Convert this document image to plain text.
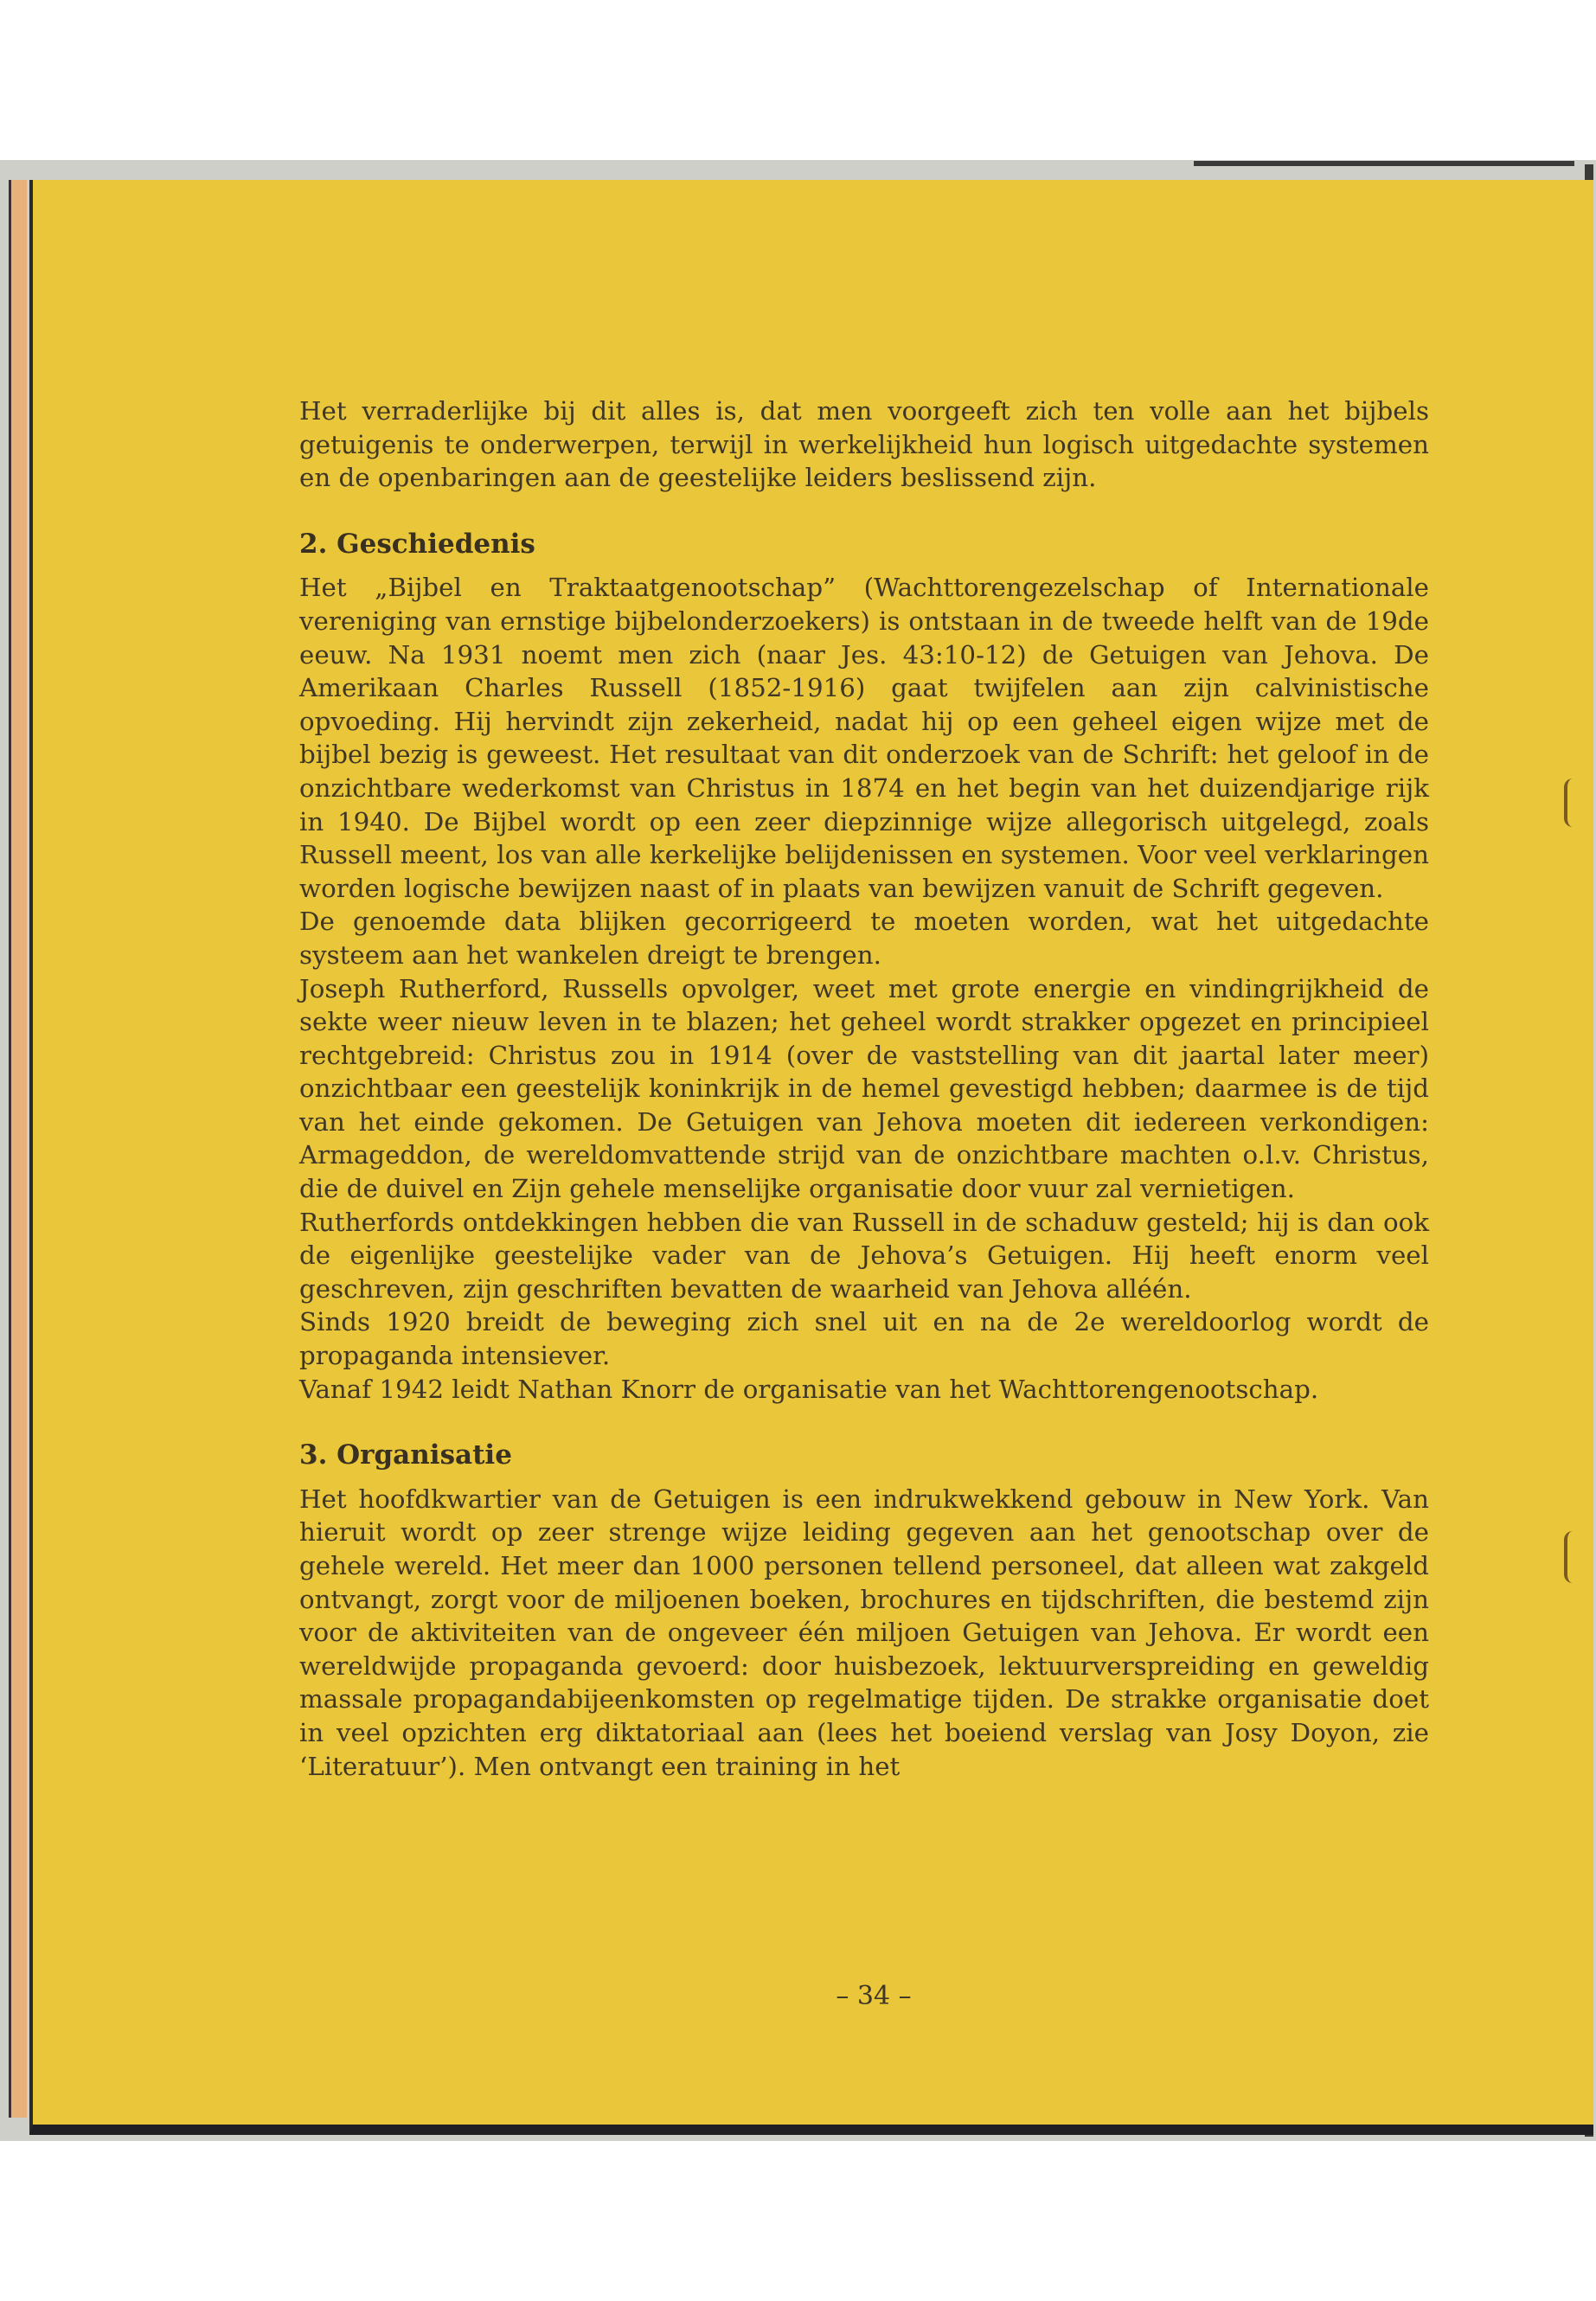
Het verraderlijke bij dit alles is, dat men voorgeeft zich ten volle aan het bijbels getuigenis te onderwerpen, terwijl in werkelijkheid hun logisch uitgedachte systemen en de openbaringen aan de geestelijke leiders beslissend zijn.

2. Geschiedenis

Het „Bijbel en Traktaatgenootschap” (Wachttorengezelschap of Internationale vereniging van ernstige bijbelonderzoekers) is ontstaan in de tweede helft van de 19de eeuw. Na 1931 noemt men zich (naar Jes. 43:10-12) de Getuigen van Jehova. De Amerikaan Charles Russell (1852-1916) gaat twijfelen aan zijn calvinistische opvoeding. Hij hervindt zijn zekerheid, nadat hij op een geheel eigen wijze met de bijbel bezig is geweest. Het resultaat van dit onderzoek van de Schrift: het geloof in de onzichtbare wederkomst van Christus in 1874 en het begin van het duizendjarige rijk in 1940. De Bijbel wordt op een zeer diepzinnige wijze allegorisch uitgelegd, zoals Russell meent, los van alle kerkelijke belijdenissen en systemen. Voor veel verklaringen worden logische bewijzen naast of in plaats van bewijzen vanuit de Schrift gegeven.

De genoemde data blijken gecorrigeerd te moeten worden, wat het uitgedachte systeem aan het wankelen dreigt te brengen.

Joseph Rutherford, Russells opvolger, weet met grote energie en vindingrijkheid de sekte weer nieuw leven in te blazen; het geheel wordt strakker opgezet en principieel rechtgebreid: Christus zou in 1914 (over de vaststelling van dit jaartal later meer) onzichtbaar een geestelijk koninkrijk in de hemel gevestigd hebben; daarmee is de tijd van het einde gekomen. De Getuigen van Jehova moeten dit iedereen verkondigen: Armageddon, de wereldomvattende strijd van de onzichtbare machten o.l.v. Christus, die de duivel en Zijn gehele menselijke organisatie door vuur zal vernietigen.

Rutherfords ontdekkingen hebben die van Russell in de schaduw gesteld; hij is dan ook de eigenlijke geestelijke vader van de Jehova’s Getuigen. Hij heeft enorm veel geschreven, zijn geschriften bevatten de waarheid van Jehova alléén.

Sinds 1920 breidt de beweging zich snel uit en na de 2e wereldoorlog wordt de propaganda intensiever.

Vanaf 1942 leidt Nathan Knorr de organisatie van het Wachttorengenootschap.

3. Organisatie

Het hoofdkwartier van de Getuigen is een indrukwekkend gebouw in New York. Van hieruit wordt op zeer strenge wijze leiding gegeven aan het genootschap over de gehele wereld. Het meer dan 1000 personen tellend personeel, dat alleen wat zakgeld ontvangt, zorgt voor de miljoenen boeken, brochures en tijdschriften, die bestemd zijn voor de aktiviteiten van de ongeveer één miljoen Getuigen van Jehova. Er wordt een wereldwijde propaganda gevoerd: door huisbezoek, lektuurverspreiding en geweldig massale propagandabijeenkomsten op regelmatige tijden. De strakke organisatie doet in veel opzichten erg diktatoriaal aan (lees het boeiend verslag van Josy Doyon, zie ‘Literatuur’). Men ontvangt een training in het

– 34 –
